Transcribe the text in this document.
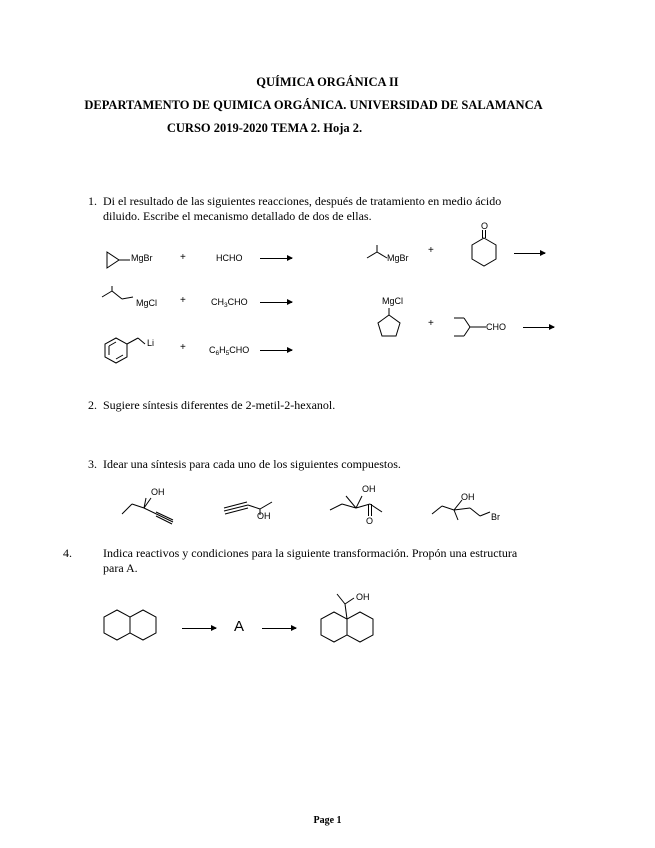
QUÍMICA ORGÁNICA II
DEPARTAMENTO DE QUIMICA ORGÁNICA. UNIVERSIDAD DE SALAMANCA
CURSO 2019-2020 TEMA 2. Hoja 2.
1. Di el resultado de las siguientes reacciones, después de tratamiento en medio ácido
diluido. Escribe el mecanismo detallado de dos de ellas.
MgBr	+	HCHO →	MgBr
+
O
MgCl +	$CH_3CHO$ →	MgCl
+	CHO →
Li	+	$C_6H_5CHO$ →
2. Sugiere síntesis diferentes de 2-metil-2-hexanol.
3. Idear una síntesis para cada uno de los siguientes compuestos.
OH
OH
OH
O
OH
Br
4.	Indica reactivos y condiciones para la siguiente transformación. Propón una estructura
para A.
→ A →
OH
Page 1
